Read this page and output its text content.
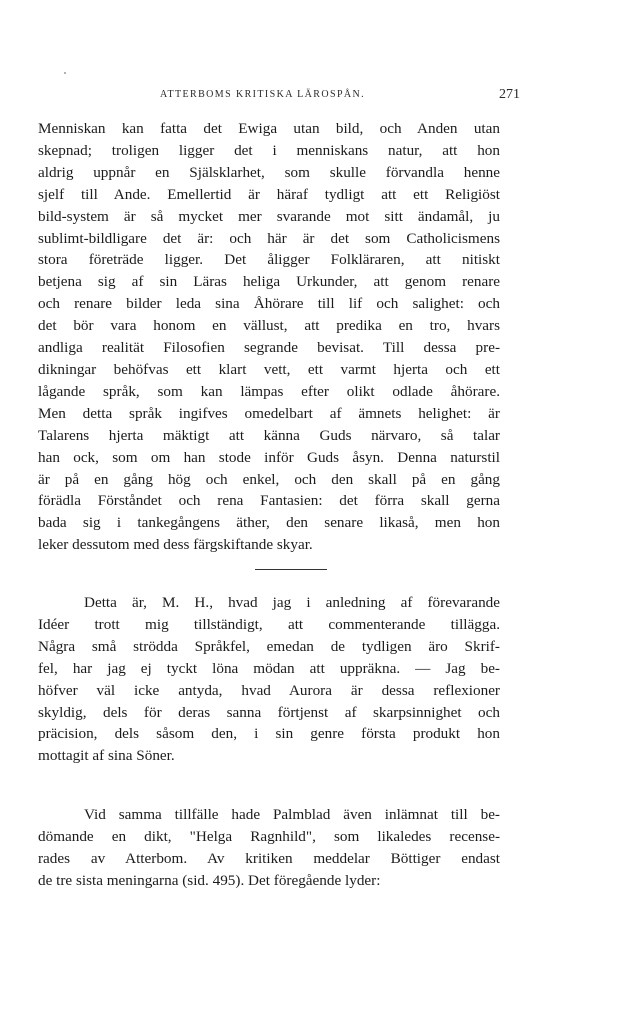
ATTERBOMS KRITISKA LÄROSPÅN.	271
Menniskan kan fatta det Ewiga utan bild, och Anden utan
skepnad; troligen ligger det i menniskans natur, att hon
aldrig uppnår en Själsklarhet, som skulle förvandla henne
sjelf till Ande. Emellertid är häraf tydligt att ett Religiöst
bild-system är så mycket mer svarande mot sitt ändamål, ju
sublimt-bildligare det är: och här är det som Catholicismens
stora företräde ligger. Det åligger Folkläraren, att nitiskt
betjena sig af sin Läras heliga Urkunder, att genom renare
och renare bilder leda sina Åhörare till lif och salighet: och
det bör vara honom en vällust, att predika en tro, hvars
andliga realität Filosofien segrande bevisat. Till dessa pre-
dikningar behöfvas ett klart vett, ett varmt hjerta och ett
lågande språk, som kan lämpas efter olikt odlade åhörare.
Men detta språk ingifves omedelbart af ämnets helighet: är
Talarens hjerta mäktigt att känna Guds närvaro, så talar
han ock, som om han stode inför Guds åsyn. Denna naturstil
är på en gång hög och enkel, och den skall på en gång
förädla Förståndet och rena Fantasien: det förra skall gerna
bada sig i tankegångens äther, den senare likaså, men hon
leker dessutom med dess färgskiftande skyar.
Detta är, M. H., hvad jag i anledning af förevarande
Idéer trott mig tillständigt, att commenterande tillägga.
Några små strödda Språkfel, emedan de tydligen äro Skrif-
fel, har jag ej tyckt löna mödan att uppräkna. — Jag be-
höfver väl icke antyda, hvad Aurora är dessa reflexioner
skyldig, dels för deras sanna förtjenst af skarpsinnighet och
präcision, dels såsom den, i sin genre första produkt hon
mottagit af sina Söner.
Vid samma tillfälle hade Palmblad även inlämnat till be-
dömande en dikt, "Helga Ragnhild", som likaledes recense-
rades av Atterbom. Av kritiken meddelar Böttiger endast
de tre sista meningarna (sid. 495). Det föregående lyder:
